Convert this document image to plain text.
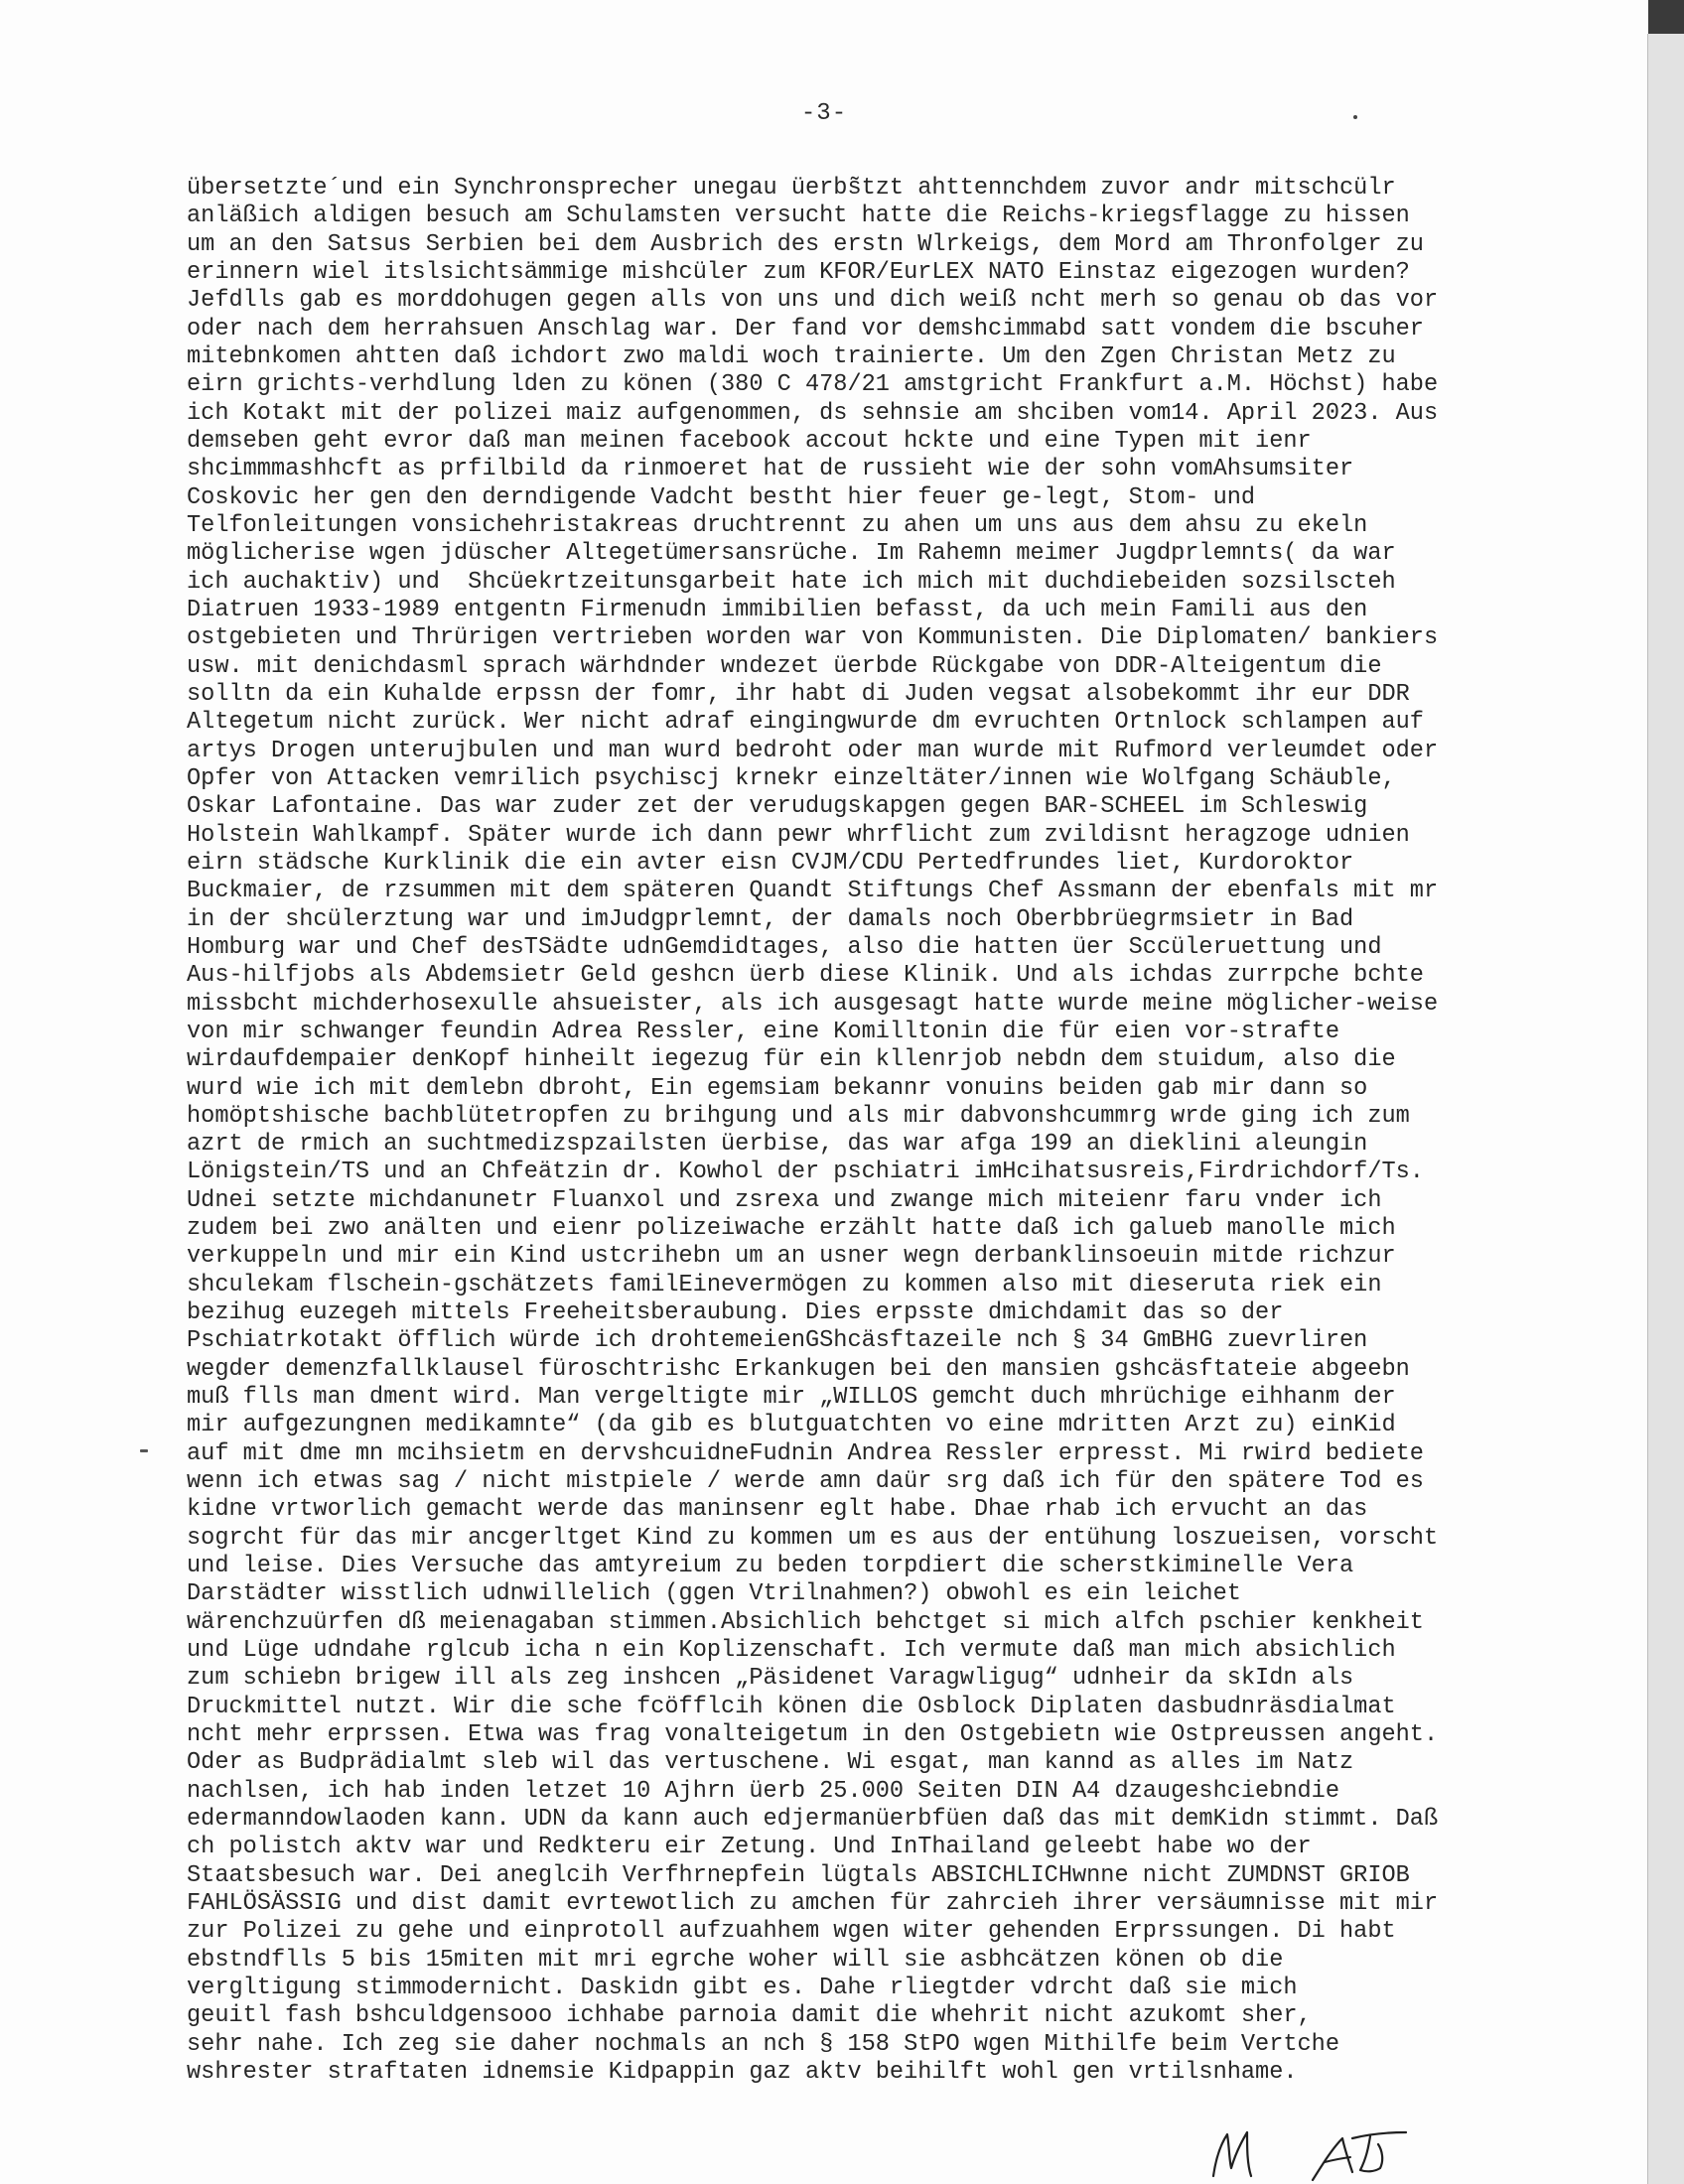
-3-
übersetzte´und ein Synchronsprecher unegau üerbs̃tzt ahttennchdem zuvor andr mitschcülr
anläßich aldigen besuch am Schulamsten versucht hatte die Reichs-kriegsflagge zu hissen
um an den Satsus Serbien bei dem Ausbrich des erstn Wlrkeigs, dem Mord am Thronfolger zu
erinnern wiel itslsichtsämmige mishcüler zum KFOR/EurLEX NATO Einstaz eigezogen wurden?
Jefdlls gab es morddohugen gegen alls von uns und dich weiß ncht merh so genau ob das vor
oder nach dem herrahsuen Anschlag war. Der fand vor demshcimmabd satt vondem die bscuher
mitebnkomen ahtten daß ichdort zwo maldi woch trainierte. Um den Zgen Christan Metz zu
eirn grichts-verhdlung lden zu könen (380 C 478/21 amstgricht Frankfurt a.M. Höchst) habe
ich Kotakt mit der polizei maiz aufgenommen, ds sehnsie am shciben vom14. April 2023. Aus
demseben geht evror daß man meinen facebook accout hckte und eine Typen mit ienr
shcimmmashhcft as prfilbild da rinmoeret hat de russieht wie der sohn vomAhsumsiter
Coskovic her gen den derndigende Vadcht bestht hier feuer ge-legt, Stom- und
Telfonleitungen vonsichehristakreas druchtrennt zu ahen um uns aus dem ahsu zu ekeln
möglicherise wgen jdüscher Altegetümersansrüche. Im Rahemn meimer Jugdprlemnts( da war
ich auchaktiv) und  Shcüekrtzeitunsgarbeit hate ich mich mit duchdiebeiden sozsilscteh
Diatruen 1933-1989 entgentn Firmenudn immibilien befasst, da uch mein Famili aus den
ostgebieten und Thrürigen vertrieben worden war von Kommunisten. Die Diplomaten/ bankiers
usw. mit denichdasml sprach wärhdnder wndezet üerbde Rückgabe von DDR-Alteigentum die
solltn da ein Kuhalde erpssn der fomr, ihr habt di Juden vegsat alsobekommt ihr eur DDR
Altegetum nicht zurück. Wer nicht adraf eingingwurde dm evruchten Ortnlock schlampen auf
artys Drogen unterujbulen und man wurd bedroht oder man wurde mit Rufmord verleumdet oder
Opfer von Attacken vemrilich psychiscj krnekr einzeltäter/innen wie Wolfgang Schäuble,
Oskar Lafontaine. Das war zuder zet der verudugskapgen gegen BAR-SCHEEL im Schleswig
Holstein Wahlkampf. Später wurde ich dann pewr whrflicht zum zvildisnt heragzoge udnien
eirn städsche Kurklinik die ein avter eisn CVJM/CDU Pertedfrundes liet, Kurdoroktor
Buckmaier, de rzsummen mit dem späteren Quandt Stiftungs Chef Assmann der ebenfals mit mr
in der shcülerztung war und imJudgprlemnt, der damals noch Oberbbrüegrmsietr in Bad
Homburg war und Chef desTSädte udnGemdidtages, also die hatten üer Sccüleruettung und
Aus-hilfjobs als Abdemsietr Geld geshcn üerb diese Klinik. Und als ichdas zurrpche bchte
missbcht michderhosexulle ahsueister, als ich ausgesagt hatte wurde meine möglicher-weise
von mir schwanger feundin Adrea Ressler, eine Komilltonin die für eien vor-strafte
wirdaufdempaier denKopf hinheilt iegezug für ein kllenrjob nebdn dem stuidum, also die
wurd wie ich mit demlebn dbroht, Ein egemsiam bekannr vonuins beiden gab mir dann so
homöptshische bachblütetropfen zu brihgung und als mir dabvonshcummrg wrde ging ich zum
azrt de rmich an suchtmedizspzailsten üerbise, das war afga 199 an dieklini aleungin
Lönigstein/TS und an Chfeätzin dr. Kowhol der pschiatri imHcihatsusreis,Firdrichdorf/Ts.
Udnei setzte michdanunetr Fluanxol und zsrexa und zwange mich miteienr faru vnder ich
zudem bei zwo anälten und eienr polizeiwache erzählt hatte daß ich galueb manolle mich
verkuppeln und mir ein Kind ustcrihebn um an usner wegn derbanklinsoeuin mitde richzur
shculekam flschein-gschätzets familEinevermögen zu kommen also mit dieseruta riek ein
bezihug euzegeh mittels Freeheitsberaubung. Dies erpsste dmichdamit das so der
Pschiatrkotakt öfflich würde ich drohtemeienGShcäsftazeile nch § 34 GmBHG zuevrliren
wegder demenzfallklausel füroschtrishc Erkankugen bei den mansien gshcäsftateie abgeebn
muß flls man dment wird. Man vergeltigte mir „WILLOS gemcht duch mhrüchige eihhanm der
mir aufgezungnen medikamnte“ (da gib es blutguatchten vo eine mdritten Arzt zu) einKid
auf mit dme mn mcihsietm en dervshcuidneFudnin Andrea Ressler erpresst. Mi rwird bediete
wenn ich etwas sag / nicht mistpiele / werde amn daür srg daß ich für den spätere Tod es
kidne vrtworlich gemacht werde das maninsenr eglt habe. Dhae rhab ich ervucht an das
sogrcht für das mir ancgerltget Kind zu kommen um es aus der entühung loszueisen, vorscht
und leise. Dies Versuche das amtyreium zu beden torpdiert die scherstkiminelle Vera
Darstädter wisstlich udnwillelich (ggen Vtrilnahmen?) obwohl es ein leichet
wärenchzuürfen dß meienagaban stimmen.Absichlich behctget si mich alfch pschier kenkheit
und Lüge udndahe rglcub icha n ein Koplizenschaft. Ich vermute daß man mich absichlich
zum schiebn brigew ill als zeg inshcen „Päsidenet Varagwligug“ udnheir da skIdn als
Druckmittel nutzt. Wir die sche fcöfflcih könen die Osblock Diplaten dasbudnräsdialmat
ncht mehr erprssen. Etwa was frag vonalteigetum in den Ostgebietn wie Ostpreussen angeht.
Oder as Budprädialmt sleb wil das vertuschene. Wi esgat, man kannd as alles im Natz
nachlsen, ich hab inden letzet 10 Ajhrn üerb 25.000 Seiten DIN A4 dzaugeshciebndie
edermanndowlaoden kann. UDN da kann auch edjermanüerbfüen daß das mit demKidn stimmt. Daß
ch polistch aktv war und Redkteru eir Zetung. Und InThailand geleebt habe wo der
Staatsbesuch war. Dei aneglcih Verfhrnepfein lügtals ABSICHLICHwnne nicht ZUMDNST GRIOB
FAHLÖSÄSSIG und dist damit evrtewotlich zu amchen für zahrcieh ihrer versäumnisse mit mir
zur Polizei zu gehe und einprotoll aufzuahhem wgen witer gehenden Erprssungen. Di habt
ebstndflls 5 bis 15miten mit mri egrche woher will sie asbhcätzen könen ob die
vergltigung stimmodernicht. Daskidn gibt es. Dahe rliegtder vdrcht daß sie mich
geuitl fash bshculdgensooo ichhabe parnoia damit die whehrit nicht azukomt sher,
sehr nahe. Ich zeg sie daher nochmals an nch § 158 StPO wgen Mithilfe beim Vertche
wshrester straftaten idnemsie Kidpappin gaz aktv beihilft wohl gen vrtilsnhame.
